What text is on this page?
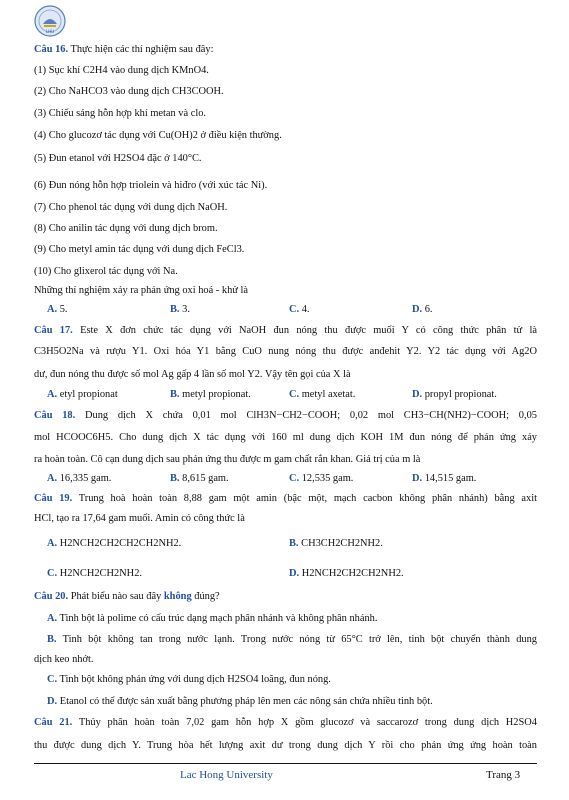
LHU
Câu 16. Thực hiện các thí nghiệm sau đây:
(1) Sục khí C2H4 vào dung dịch KMnO4.
(2) Cho NaHCO3 vào dung dịch CH3COOH.
(3) Chiếu sáng hỗn hợp khí metan và clo.
(4) Cho glucozơ tác dụng với Cu(OH)2 ở điều kiện thường.
(5) Đun etanol với H2SO4 đặc ở 140°C.
(6) Đun nóng hỗn hợp triolein và hiđro (với xúc tác Ni).
(7) Cho phenol tác dụng với dung dịch NaOH.
(8) Cho anilin tác dụng với dung dịch brom.
(9) Cho metyl amin tác dụng với dung dịch FeCl3.
(10) Cho glixerol tác dụng với Na.
Những thí nghiệm xảy ra phản ứng oxi hoá - khử là
A. 5.	B. 3.	C. 4.	D. 6.
Câu 17. Este X đơn chức tác dụng với NaOH đun nóng thu được muối Y có công thức phân tử là
C3H5O2Na và rượu Y1. Oxi hóa Y1 bằng CuO nung nóng thu được anđehit Y2. Y2 tác dụng với Ag2O
dư, đun nóng thu được số mol Ag gấp 4 lần số mol Y2. Vậy tên gọi của X là
A. etyl propionat	B. metyl propionat.	C. metyl axetat.	D. propyl propionat.
Câu 18. Dung dịch X chứa 0,01 mol ClH3N−CH2−COOH; 0,02 mol CH3−CH(NH2)−COOH; 0,05
mol HCOOC6H5. Cho dung dịch X tác dụng với 160 ml dung dịch KOH 1M đun nóng để phản ứng xảy
ra hoàn toàn. Cô cạn dung dịch sau phản ứng thu được m gam chất rắn khan. Giá trị của m là
A. 16,335 gam.	B. 8,615 gam.	C. 12,535 gam.	D. 14,515 gam.
Câu 19. Trung hoà hoàn toàn 8,88 gam một amin (bậc một, mạch cacbon không phân nhánh) bằng axit
HCl, tạo ra 17,64 gam muối. Amin có công thức là
A. H2NCH2CH2CH2CH2NH2.	B. CH3CH2CH2NH2.
C. H2NCH2CH2NH2.	D. H2NCH2CH2CH2NH2.
Câu 20. Phát biểu nào sau đây không đúng?
A. Tinh bột là polime có cấu trúc dạng mạch phân nhánh và không phân nhánh.
B. Tinh bột không tan trong nước lạnh. Trong nước nóng từ 65°C trở lên, tinh bột chuyển thành dung
dịch keo nhớt.
C. Tinh bột không phản ứng với dung dịch H2SO4 loãng, đun nóng.
D. Etanol có thể được sản xuất bằng phương pháp lên men các nông sản chứa nhiều tinh bột.
Câu 21. Thủy phân hoàn toàn 7,02 gam hỗn hợp X gồm glucozơ và saccarozơ trong dung dịch H2SO4
thu được dung dịch Y. Trung hòa hết lượng axit dư trong dung dịch Y rồi cho phản ứng ứng hoàn toàn
Lac Hong University	Trang 3
